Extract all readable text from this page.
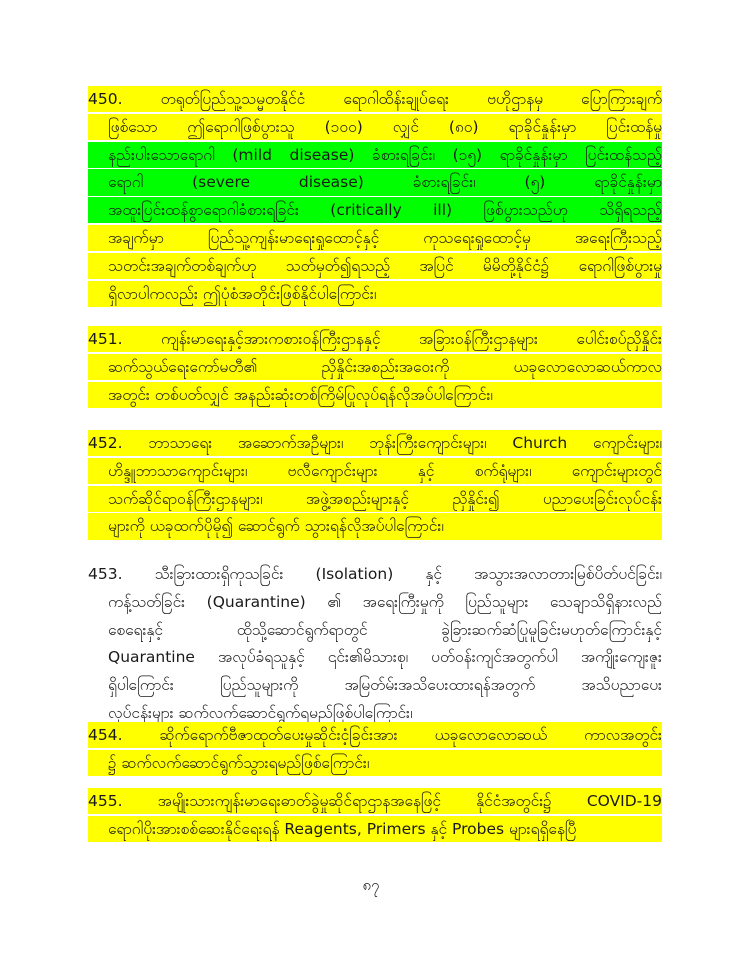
450. တရုတ်ပြည်သူ့သမ္မတနိုင်ငံ ရောဂါထိန်းချုပ်ရေး ဗဟိုဌာနမှ ပြောကြားချက်
ဖြစ်သော ဤရောဂါဖြစ်ပွားသူ (၁၀၀) လျှင် (၈၀) ရာခိုင်နှုန်းမှာ ပြင်းထန်မှု
နည်းပါးသောရောဂါ (mild disease) ခံစားရခြင်း၊ (၁၅) ရာခိုင်နှုန်းမှာ ပြင်းထန်သည့်
ရောဂါ (severe disease) ခံစားရခြင်း၊ (၅) ရာခိုင်နှုန်းမှာ
အထူးပြင်းထန်စွာရောဂါခံစားရခြင်း (critically ill) ဖြစ်ပွားသည်ဟု သိရှိရသည့်
အချက်မှာ ပြည်သူ့ကျန်းမာရေးရှုထောင့်နှင့် ကုသရေးရှုထောင့်မှ အရေးကြီးသည့်
သတင်းအချက်တစ်ချက်ဟု သတ်မှတ်၍ရသည့် အပြင် မိမိတို့နိုင်ငံ၌ ရောဂါဖြစ်ပွားမှု
ရှိလာပါကလည်း ဤပုံစံအတိုင်းဖြစ်နိုင်ပါကြောင်း၊
451. ကျန်းမာရေးနှင့်အားကစားဝန်ကြီးဌာနနှင့် အခြားဝန်ကြီးဌာနများ ပေါင်းစပ်ညှိနှိုင်း
ဆက်သွယ်ရေးကော်မတီ၏ ညှိနှိုင်းအစည်းအဝေးကို ယခုလောလောဆယ်ကာလ
အတွင်း တစ်ပတ်လျှင် အနည်းဆုံးတစ်ကြိမ်ပြုလုပ်ရန်လိုအပ်ပါကြောင်း၊
452. ဘာသာရေး အဆောက်အဦများ၊ ဘုန်းကြီးကျောင်းများ၊ Church ကျောင်းများ၊
ဟိန္ဒူဘာသာကျောင်းများ၊ ဗလီကျောင်းများ နှင့် စက်ရုံများ၊ ကျောင်းများတွင်
သက်ဆိုင်ရာဝန်ကြီးဌာနများ၊ အဖွဲ့အစည်းများနှင့် ညှိနှိုင်း၍ ပညာပေးခြင်းလုပ်ငန်း
များကို ယခုထက်ပိုမို၍ ဆောင်ရွက် သွားရန်လိုအပ်ပါကြောင်း၊
453. သီးခြားထားရှိကုသခြင်း (Isolation) နှင့် အသွားအလာတားမြစ်ပိတ်ပင်ခြင်း၊
ကန့်သတ်ခြင်း (Quarantine) ၏ အရေးကြီးမှုကို ပြည်သူများ သေချာသိရှိနားလည်
စေရေးနှင့် ထိုသို့ဆောင်ရွက်ရာတွင် ခွဲခြားဆက်ဆံပြုမူခြင်းမဟုတ်ကြောင်းနှင့်
Quarantine အလုပ်ခံရသူနှင့် ၎င်း၏မိသားစု၊ ပတ်ဝန်းကျင်အတွက်ပါ အကျိုးကျေးဇူး
ရှိပါကြောင်း ပြည်သူများကို အမြတ်မ်းအသိပေးထားရန်အတွက် အသိပညာပေး
လုပ်ငန်းများ ဆက်လက်ဆောင်ရွက်ရမည်ဖြစ်ပါကြောင်း၊
454. ဆိုက်ရောက်ဗီဇာထုတ်ပေးမှုဆိုင်းငံ့ခြင်းအား ယခုလောလောဆယ် ကာလအတွင်း
၌ ဆက်လက်ဆောင်ရွက်သွားရမည်ဖြစ်ကြောင်း၊
455. အမျိုးသားကျန်းမာရေးဓာတ်ခွဲမှုဆိုင်ရာဌာနအနေဖြင့် နိုင်ငံအတွင်း၌ COVID-19
ရောဂါပိုးအားစစ်ဆေးနိုင်ရေးရန် Reagents, Primers နှင့် Probes များရရှိနေပြီ
၈၇
